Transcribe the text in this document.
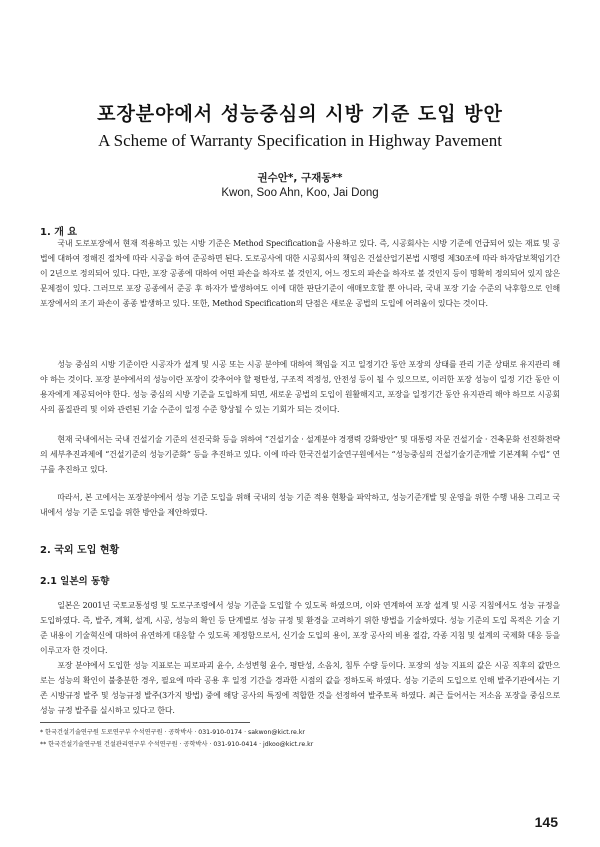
포장분야에서 성능중심의 시방 기준 도입 방안
A Scheme of Warranty Specification in Highway Pavement
권수안*, 구재동**
Kwon, Soo Ahn, Koo, Jai Dong
1. 개 요
국내 도로포장에서 현재 적용하고 있는 시방 기준은 Method Specification을 사용하고 있다. 즉, 시공회사는 시방 기준에 언급되어 있는 재료 및 공법에 대하여 정해진 절차에 따라 시공을 하여 준공하면 된다. 도로공사에 대한 시공회사의 책임은 건설산업기본법 시행령 제30조에 따라 하자담보책임기간이 2년으로 정의되어 있다. 다만, 포장 공종에 대하여 어떤 파손을 하자로 볼 것인지, 어느 정도의 파손을 하자로 볼 것인지 등이 명확히 정의되어 있지 않은 문제점이 있다. 그러므로 포장 공종에서 준공 후 하자가 발생하여도 이에 대한 판단기준이 애매모호할 뿐 아니라, 국내 포장 기술 수준의 낙후함으로 인해 포장에서의 조기 파손이 종종 발생하고 있다. 또한, Method Specification의 단점은 새로운 공법의 도입에 어려움이 있다는 것이다.
성능 중심의 시방 기준이란 시공자가 설계 및 시공 또는 시공 분야에 대하여 책임을 지고 일정기간 동안 포장의 상태를 관리 기준 상태로 유지관리 해야 하는 것이다. 포장 분야에서의 성능이란 포장이 갖추어야 할 평탄성, 구조적 적정성, 안전성 등이 될 수 있으므로, 이러한 포장 성능이 일정 기간 동안 이용자에게 제공되어야 한다. 성능 중심의 시방 기준을 도입하게 되면, 새로운 공법의 도입이 원활해지고, 포장을 일정기간 동안 유지관리 해야 하므로 시공회사의 품질관리 및 이와 관련된 기술 수준이 일정 수준 향상될 수 있는 기회가 되는 것이다.
현재 국내에서는 국내 건설기술 기준의 선진국화 등을 위하여 “건설기술 · 설계분야 경쟁력 강화방안” 및 대통령 자문 건설기술 · 건축문화 선진화전략의 세부추진과제에 “건설기준의 성능기준화” 등을 추진하고 있다. 이에 따라 한국건설기술연구원에서는 “성능중심의 건설기술기준개발 기본계획 수립” 연구를 추진하고 있다.
따라서, 본 고에서는 포장분야에서 성능 기준 도입을 위해 국내의 성능 기준 적용 현황을 파악하고, 성능기준개발 및 운영을 위한 수행 내용 그리고 국내에서 성능 기준 도입을 위한 방안을 제안하였다.
2. 국외 도입 현황
2.1 일본의 동향
일본은 2001년 국토교통성령 및 도로구조령에서 성능 기준을 도입할 수 있도록 하였으며, 이와 연계하여 포장 설계 및 시공 지침에서도 성능 규정을 도입하였다. 즉, 발주, 계획, 설계, 시공, 성능의 확인 등 단계별로 성능 규정 및 환경을 고려하기 위한 방법을 기술하였다. 성능 기준의 도입 목적은 기술 기준 내용이 기술혁신에 대하여 유연하게 대응할 수 있도록 제정함으로서, 신기술 도입의 용이, 포장 공사의 비용 절감, 각종 지침 및 설계의 국제화 대응 등을 이루고자 한 것이다.
포장 분야에서 도입한 성능 지표로는 피로파괴 윤수, 소성변형 윤수, 평탄성, 소음치, 침투 수량 등이다. 포장의 성능 지표의 값은 시공 직후의 값만으로는 성능의 확인이 불충분한 경우, 필요에 따라 공용 후 일정 기간을 경과한 시점의 값을 정하도록 하였다. 성능 기준의 도입으로 인해 발주기관에서는 기존 시방규정 발주 및 성능규정 발주(3가지 방법) 중에 해당 공사의 특징에 적합한 것을 선정하여 발주토록 하였다. 최근 들어서는 저소음 포장을 중심으로 성능 규정 발주를 실시하고 있다고 한다.
* 한국건설기술연구원 도로연구부 수석연구원 · 공학박사 · 031-910-0174 · sakwon@kict.re.kr
** 한국건설기술연구원 건설관리연구부 수석연구원 · 공학박사 · 031-910-0414 · jdkoo@kict.re.kr
145
